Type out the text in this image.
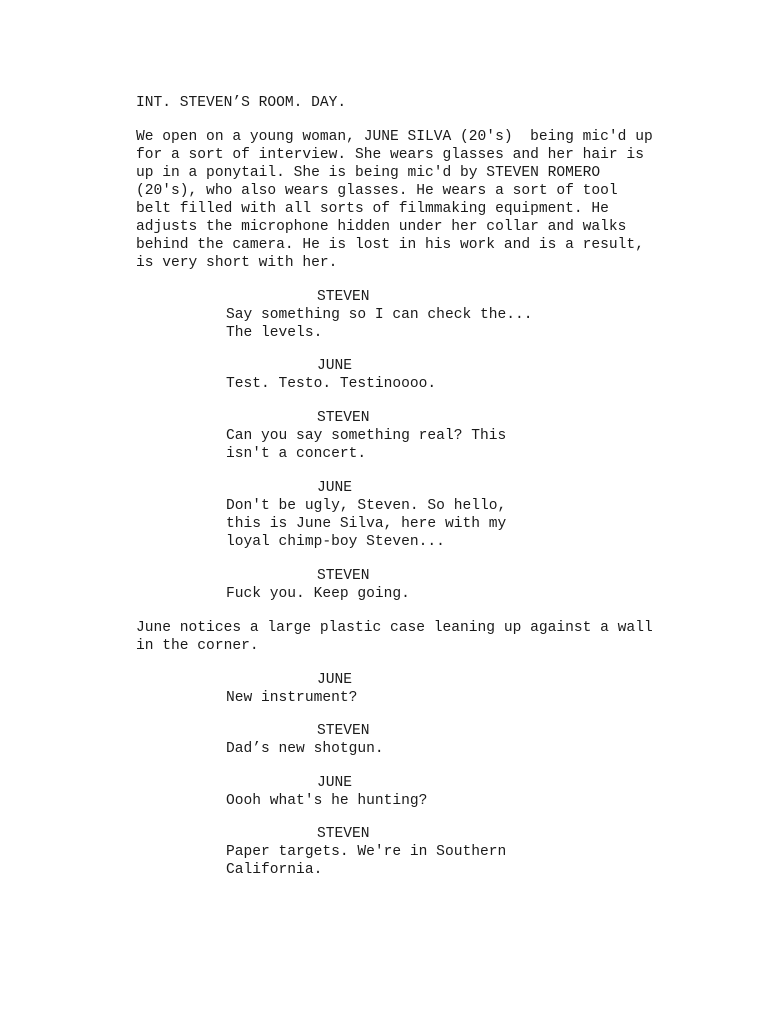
INT. STEVEN’S ROOM. DAY.
We open on a young woman, JUNE SILVA (20's)  being mic'd up
for a sort of interview. She wears glasses and her hair is
up in a ponytail. She is being mic'd by STEVEN ROMERO
(20's), who also wears glasses. He wears a sort of tool
belt filled with all sorts of filmmaking equipment. He
adjusts the microphone hidden under her collar and walks
behind the camera. He is lost in his work and is a result,
is very short with her.
STEVEN
Say something so I can check the...
The levels.
JUNE
Test. Testo. Testinoooo.
STEVEN
Can you say something real? This
isn't a concert.
JUNE
Don't be ugly, Steven. So hello,
this is June Silva, here with my
loyal chimp-boy Steven...
STEVEN
Fuck you. Keep going.
June notices a large plastic case leaning up against a wall
in the corner.
JUNE
New instrument?
STEVEN
Dad’s new shotgun.
JUNE
Oooh what's he hunting?
STEVEN
Paper targets. We're in Southern
California.
